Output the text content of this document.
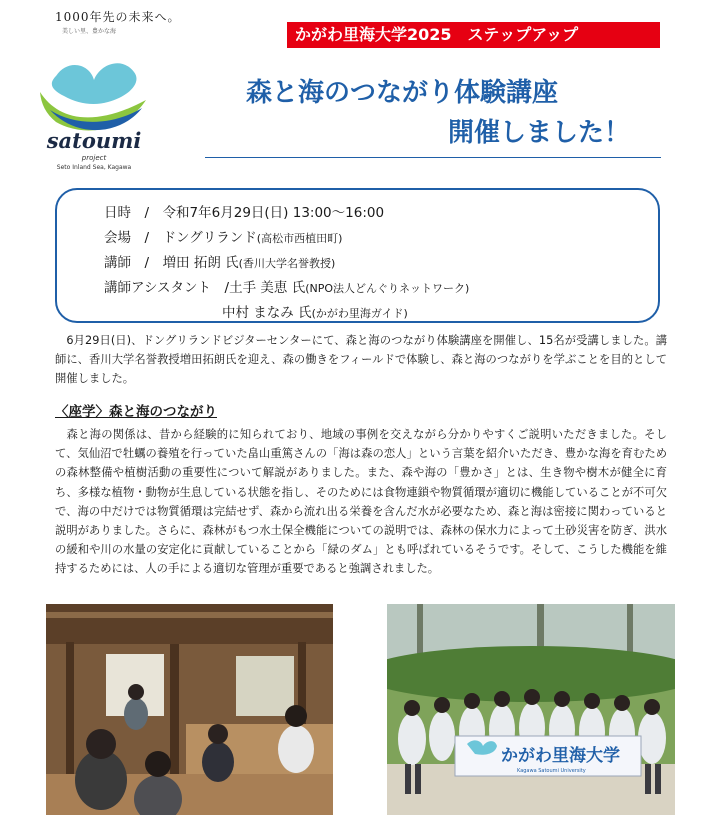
1000年先の未来へ。
美しい里、豊かな海
satoumi
project
Seto Inland Sea, Kagawa
かがわ里海大学2025　ステップアップ
森と海のつながり体験講座
開催しました！
日時　/　令和7年6月29日(日) 13:00～16:00
会場　/　ドングリランド(高松市西植田町)
講師　/　増田 拓朗 氏(香川大学名誉教授)
講師アシスタント　/土手 美恵 氏(NPO法人どんぐりネットワーク)
中村 まなみ 氏(かがわ里海ガイド)
　6月29日(日)、ドングリランドビジターセンターにて、森と海のつながり体験講座を開催し、15名が受講しました。講師に、香川大学名誉教授増田拓朗氏を迎え、森の働きをフィールドで体験し、森と海のつながりを学ぶことを目的として開催しました。
〈座学〉森と海のつながり
　森と海の関係は、昔から経験的に知られており、地域の事例を交えながら分かりやすくご説明いただきました。そして、気仙沼で牡蠣の養殖を行っていた畠山重篤さんの「海は森の恋人」という言葉を紹介いただき、豊かな海を育むための森林整備や植樹活動の重要性について解説がありました。また、森や海の「豊かさ」とは、生き物や樹木が健全に育ち、多様な植物・動物が生息している状態を指し、そのためには食物連鎖や物質循環が適切に機能していることが不可欠で、海の中だけでは物質循環は完結せず、森から流れ出る栄養を含んだ水が必要なため、森と海は密接に関わっていると説明がありました。さらに、森林がもつ水土保全機能についての説明では、森林の保水力によって土砂災害を防ぎ、洪水の緩和や川の水量の安定化に貢献していることから「緑のダム」とも呼ばれているそうです。そして、こうした機能を維持するためには、人の手による適切な管理が重要であると強調されました。
かがわ里海大学
Kagawa Satoumi University
